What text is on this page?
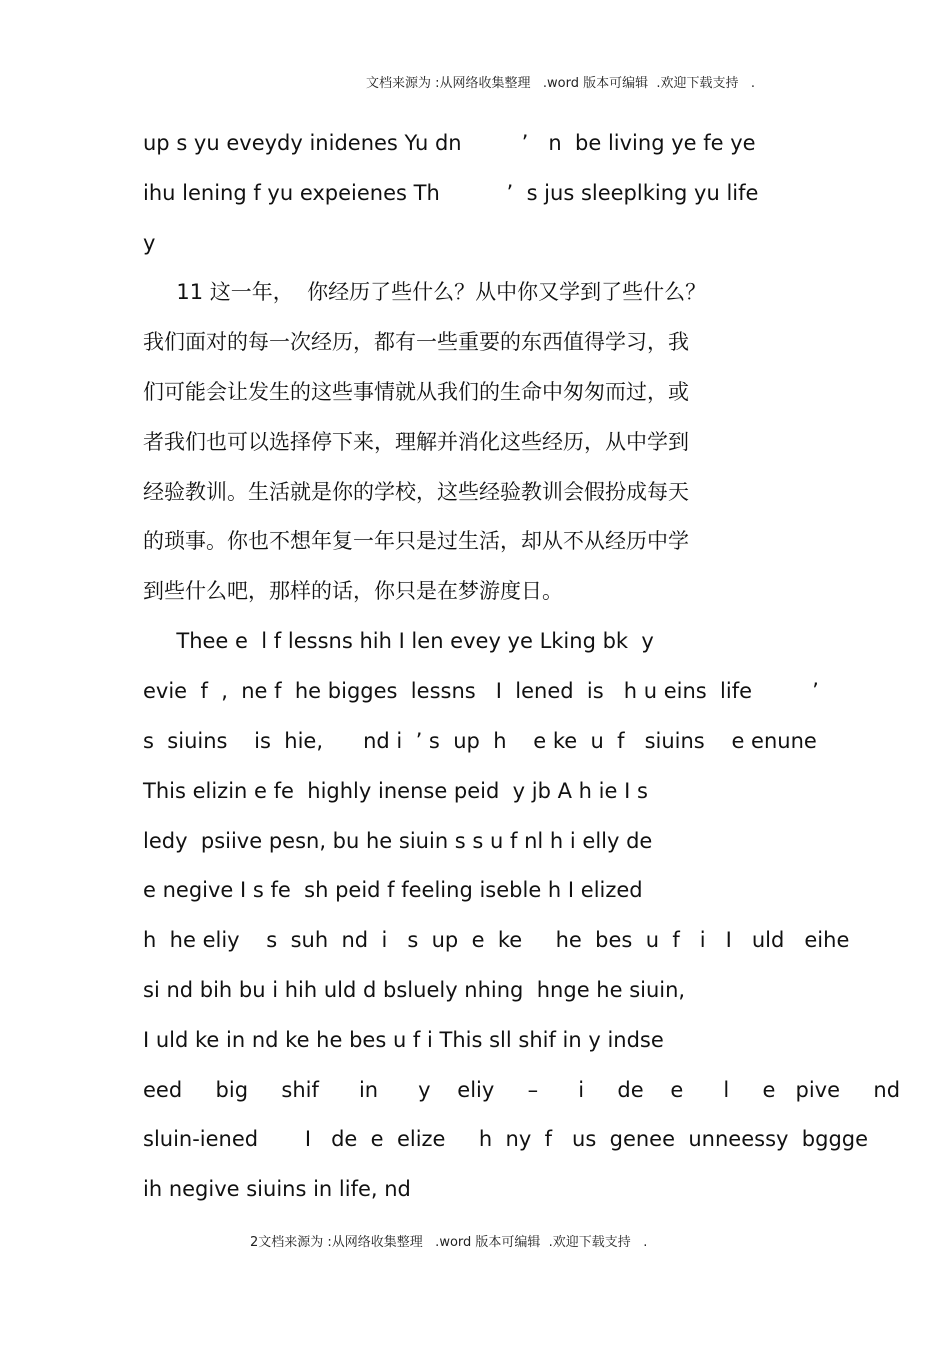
文档来源为 :从网络收集整理   .word 版本可编辑  .欢迎下载支持   .
up s yu eveydy inidenes Yu dn         ’   n  be living ye fe ye
ihu lening f yu expeienes Th          ’  s jus sleeplking yu life
y
11 这一年，  你经历了些什么？从中你又学到了些什么？
我们面对的每一次经历，都有一些重要的东西值得学习，我
们可能会让发生的这些事情就从我们的生命中匆匆而过，或
者我们也可以选择停下来，理解并消化这些经历，从中学到
经验教训。生活就是你的学校，这些经验教训会假扮成每天
的琐事。你也不想年复一年只是过生活，却从不从经历中学
到些什么吧，那样的话，你只是在梦游度日。
Thee e  l f lessns hih I len evey ye Lking bk  y
evie  f  ,  ne f  he bigges  lessns   I  lened  is   h u eins  life         ’
s  siuins    is  hie,      nd i  ’ s  up  h    e ke  u  f   siuins    e enune
This elizin e fe  highly inense peid  y jb A h ie I s
ledy  psiive pesn, bu he siuin s s u f nl h i elly de
e negive I s fe  sh peid f feeling iseble h I elized
h  he eliy    s  suh  nd  i   s  up  e  ke     he  bes  u  f   i   I   uld   eihe
si nd bih bu i hih uld d bsluely nhing  hnge he siuin,
I uld ke in nd ke he bes u f i This sll shif in y indse
eed     big     shif      in      y    eliy     –      i     de    e      l     e   pive     nd
sluin-iened       I   de  e  elize     h  ny  f   us  genee  unneessy  bggge
ih negive siuins in life, nd
2文档来源为 :从网络收集整理   .word 版本可编辑  .欢迎下载支持   .
